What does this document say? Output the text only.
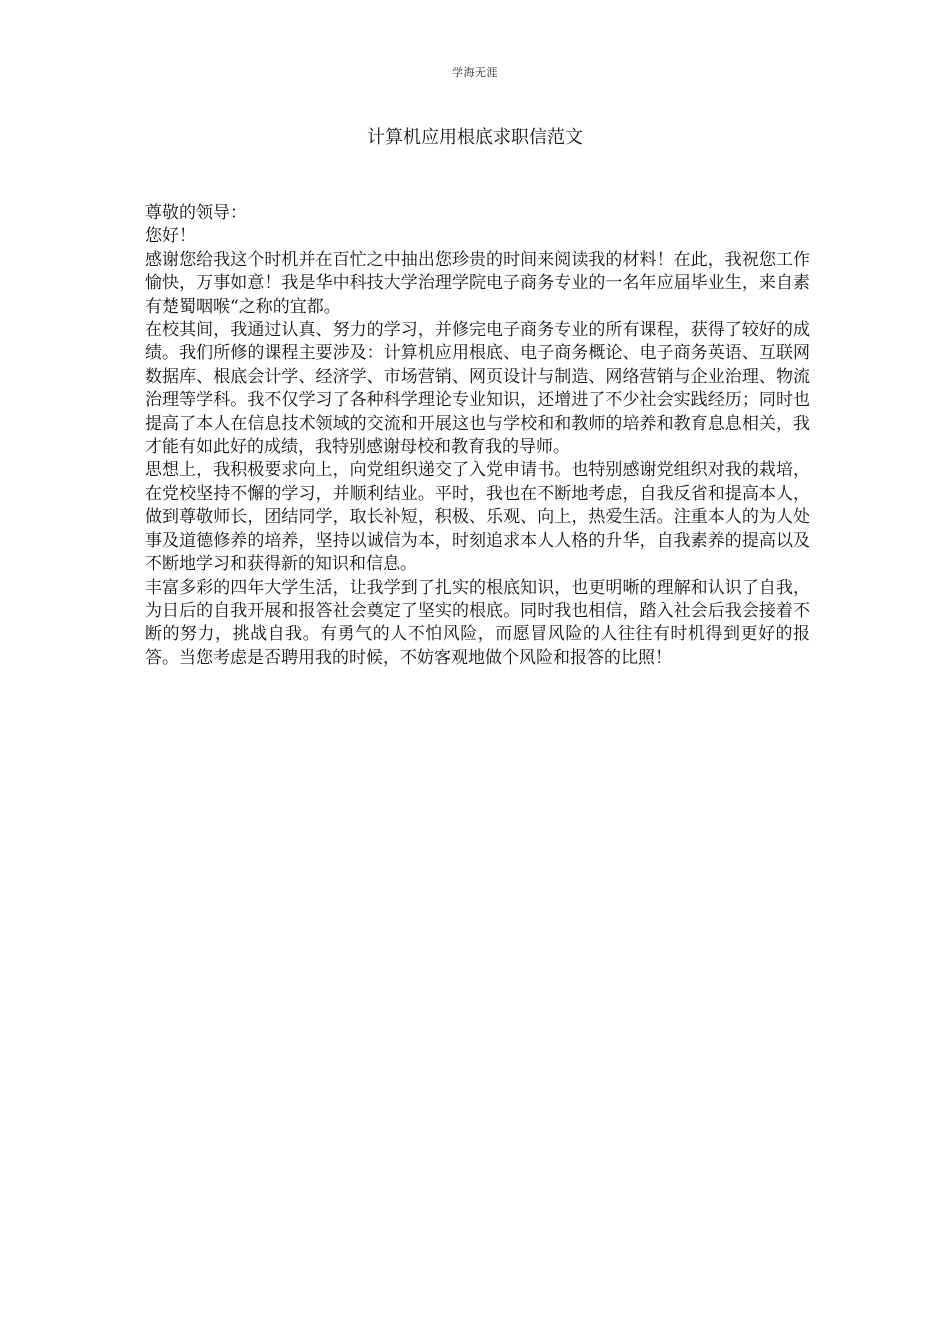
学海无涯
计算机应用根底求职信范文

尊敬的领导：

您好！

感谢您给我这个时机并在百忙之中抽出您珍贵的时间来阅读我的材料！在此，我祝您工作愉快，万事如意！我是华中科技大学治理学院电子商务专业的一名年应届毕业生，来自素有楚蜀咽喉“之称的宜都。

在校其间，我通过认真、努力的学习，并修完电子商务专业的所有课程，获得了较好的成绩。我们所修的课程主要涉及：计算机应用根底、电子商务概论、电子商务英语、互联网数据库、根底会计学、经济学、市场营销、网页设计与制造、网络营销与企业治理、物流治理等学科。我不仅学习了各种科学理论专业知识，还增进了不少社会实践经历；同时也提高了本人在信息技术领域的交流和开展这也与学校和和教师的培养和教育息息相关，我才能有如此好的成绩，我特别感谢母校和教育我的导师。

思想上，我积极要求向上，向党组织递交了入党申请书。也特别感谢党组织对我的栽培，在党校坚持不懈的学习，并顺利结业。平时，我也在不断地考虑，自我反省和提高本人，做到尊敬师长，团结同学，取长补短，积极、乐观、向上，热爱生活。注重本人的为人处事及道德修养的培养，坚持以诚信为本，时刻追求本人人格的升华，自我素养的提高以及不断地学习和获得新的知识和信息。

丰富多彩的四年大学生活，让我学到了扎实的根底知识，也更明晰的理解和认识了自我，为日后的自我开展和报答社会奠定了坚实的根底。同时我也相信，踏入社会后我会接着不断的努力，挑战自我。有勇气的人不怕风险，而愿冒风险的人往往有时机得到更好的报答。当您考虑是否聘用我的时候，不妨客观地做个风险和报答的比照！
